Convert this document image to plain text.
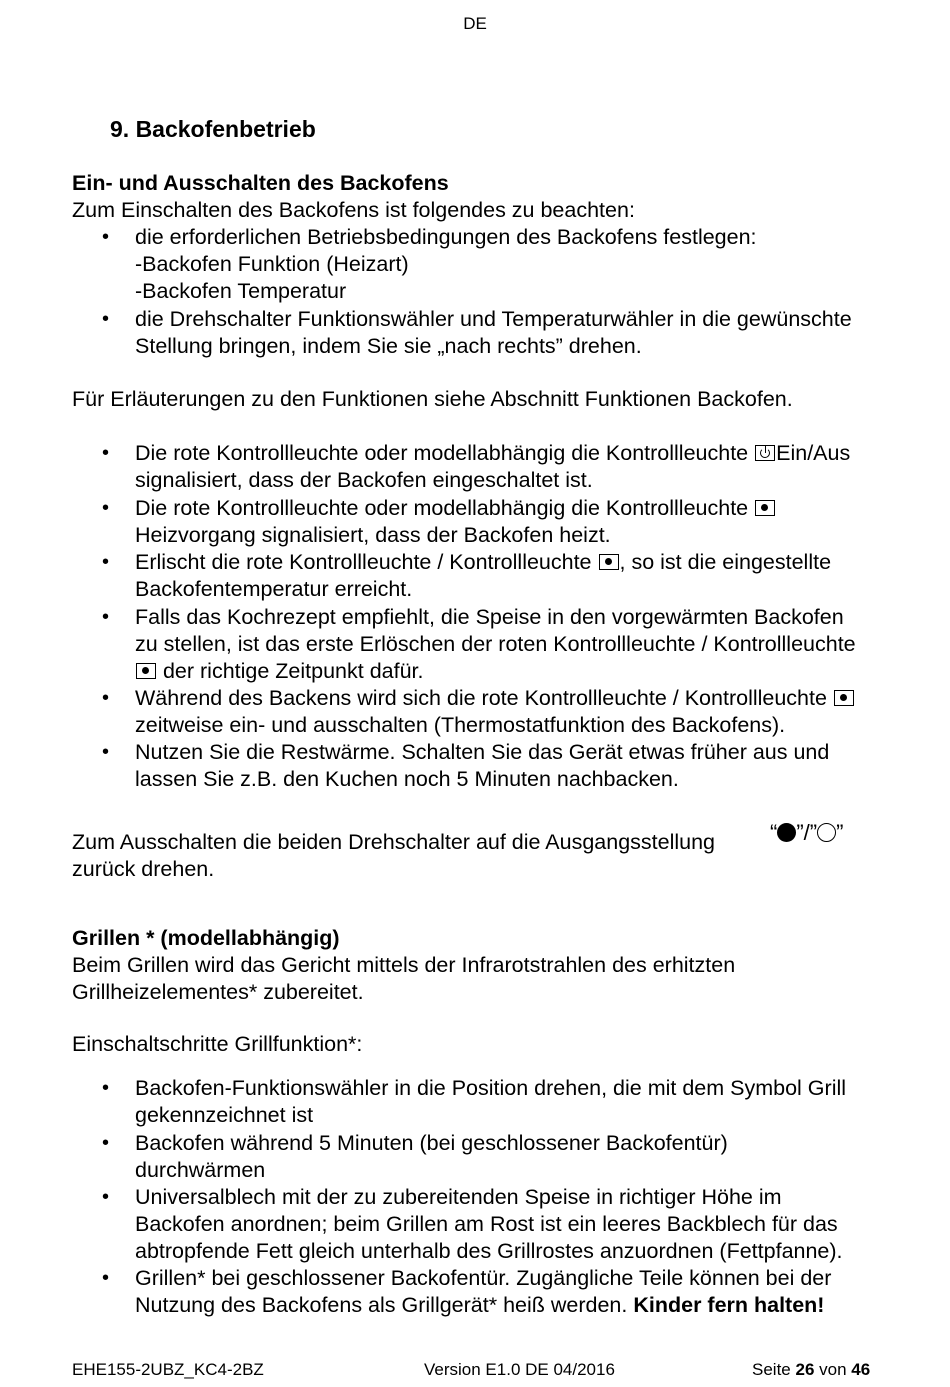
DE
9. Backofenbetrieb
Ein- und Ausschalten des Backofens
Zum Einschalten des Backofens ist folgendes zu beachten:
• die erforderlichen Betriebsbedingungen des Backofens festlegen:
-Backofen Funktion (Heizart)
-Backofen Temperatur
• die Drehschalter Funktionswähler und Temperaturwähler in die gewünschte
Stellung bringen, indem Sie sie „nach rechts” drehen.
Für Erläuterungen zu den Funktionen siehe Abschnitt Funktionen Backofen.
• Die rote Kontrollleuchte oder modellabhängig die Kontrollleuchte Ein/Aus
signalisiert, dass der Backofen eingeschaltet ist.
• Die rote Kontrollleuchte oder modellabhängig die Kontrollleuchte
Heizvorgang signalisiert, dass der Backofen heizt.
• Erlischt die rote Kontrollleuchte / Kontrollleuchte , so ist die eingestellte
Backofentemperatur erreicht.
• Falls das Kochrezept empfiehlt, die Speise in den vorgewärmten Backofen
zu stellen, ist das erste Erlöschen der roten Kontrollleuchte / Kontrollleuchte
der richtige Zeitpunkt dafür.
• Während des Backens wird sich die rote Kontrollleuchte / Kontrollleuchte
zeitweise ein- und ausschalten (Thermostatfunktion des Backofens).
• Nutzen Sie die Restwärme. Schalten Sie das Gerät etwas früher aus und
lassen Sie z.B. den Kuchen noch 5 Minuten nachbacken.
Zum Ausschalten die beiden Drehschalter auf die Ausgangsstellung “ ”/” ”
zurück drehen.
Grillen * (modellabhängig)
Beim Grillen wird das Gericht mittels der Infrarotstrahlen des erhitzten
Grillheizelementes* zubereitet.
Einschaltschritte Grillfunktion*:
• Backofen-Funktionswähler in die Position drehen, die mit dem Symbol Grill
gekennzeichnet ist
• Backofen während 5 Minuten (bei geschlossener Backofentür)
durchwärmen
• Universalblech mit der zu zubereitenden Speise in richtiger Höhe im
Backofen anordnen; beim Grillen am Rost ist ein leeres Backblech für das
abtropfende Fett gleich unterhalb des Grillrostes anzuordnen (Fettpfanne).
• Grillen* bei geschlossener Backofentür. Zugängliche Teile können bei der
Nutzung des Backofens als Grillgerät* heiß werden. Kinder fern halten!
EHE155-2UBZ_KC4-2BZ	Version E1.0 DE 04/2016	Seite 26 von 46
